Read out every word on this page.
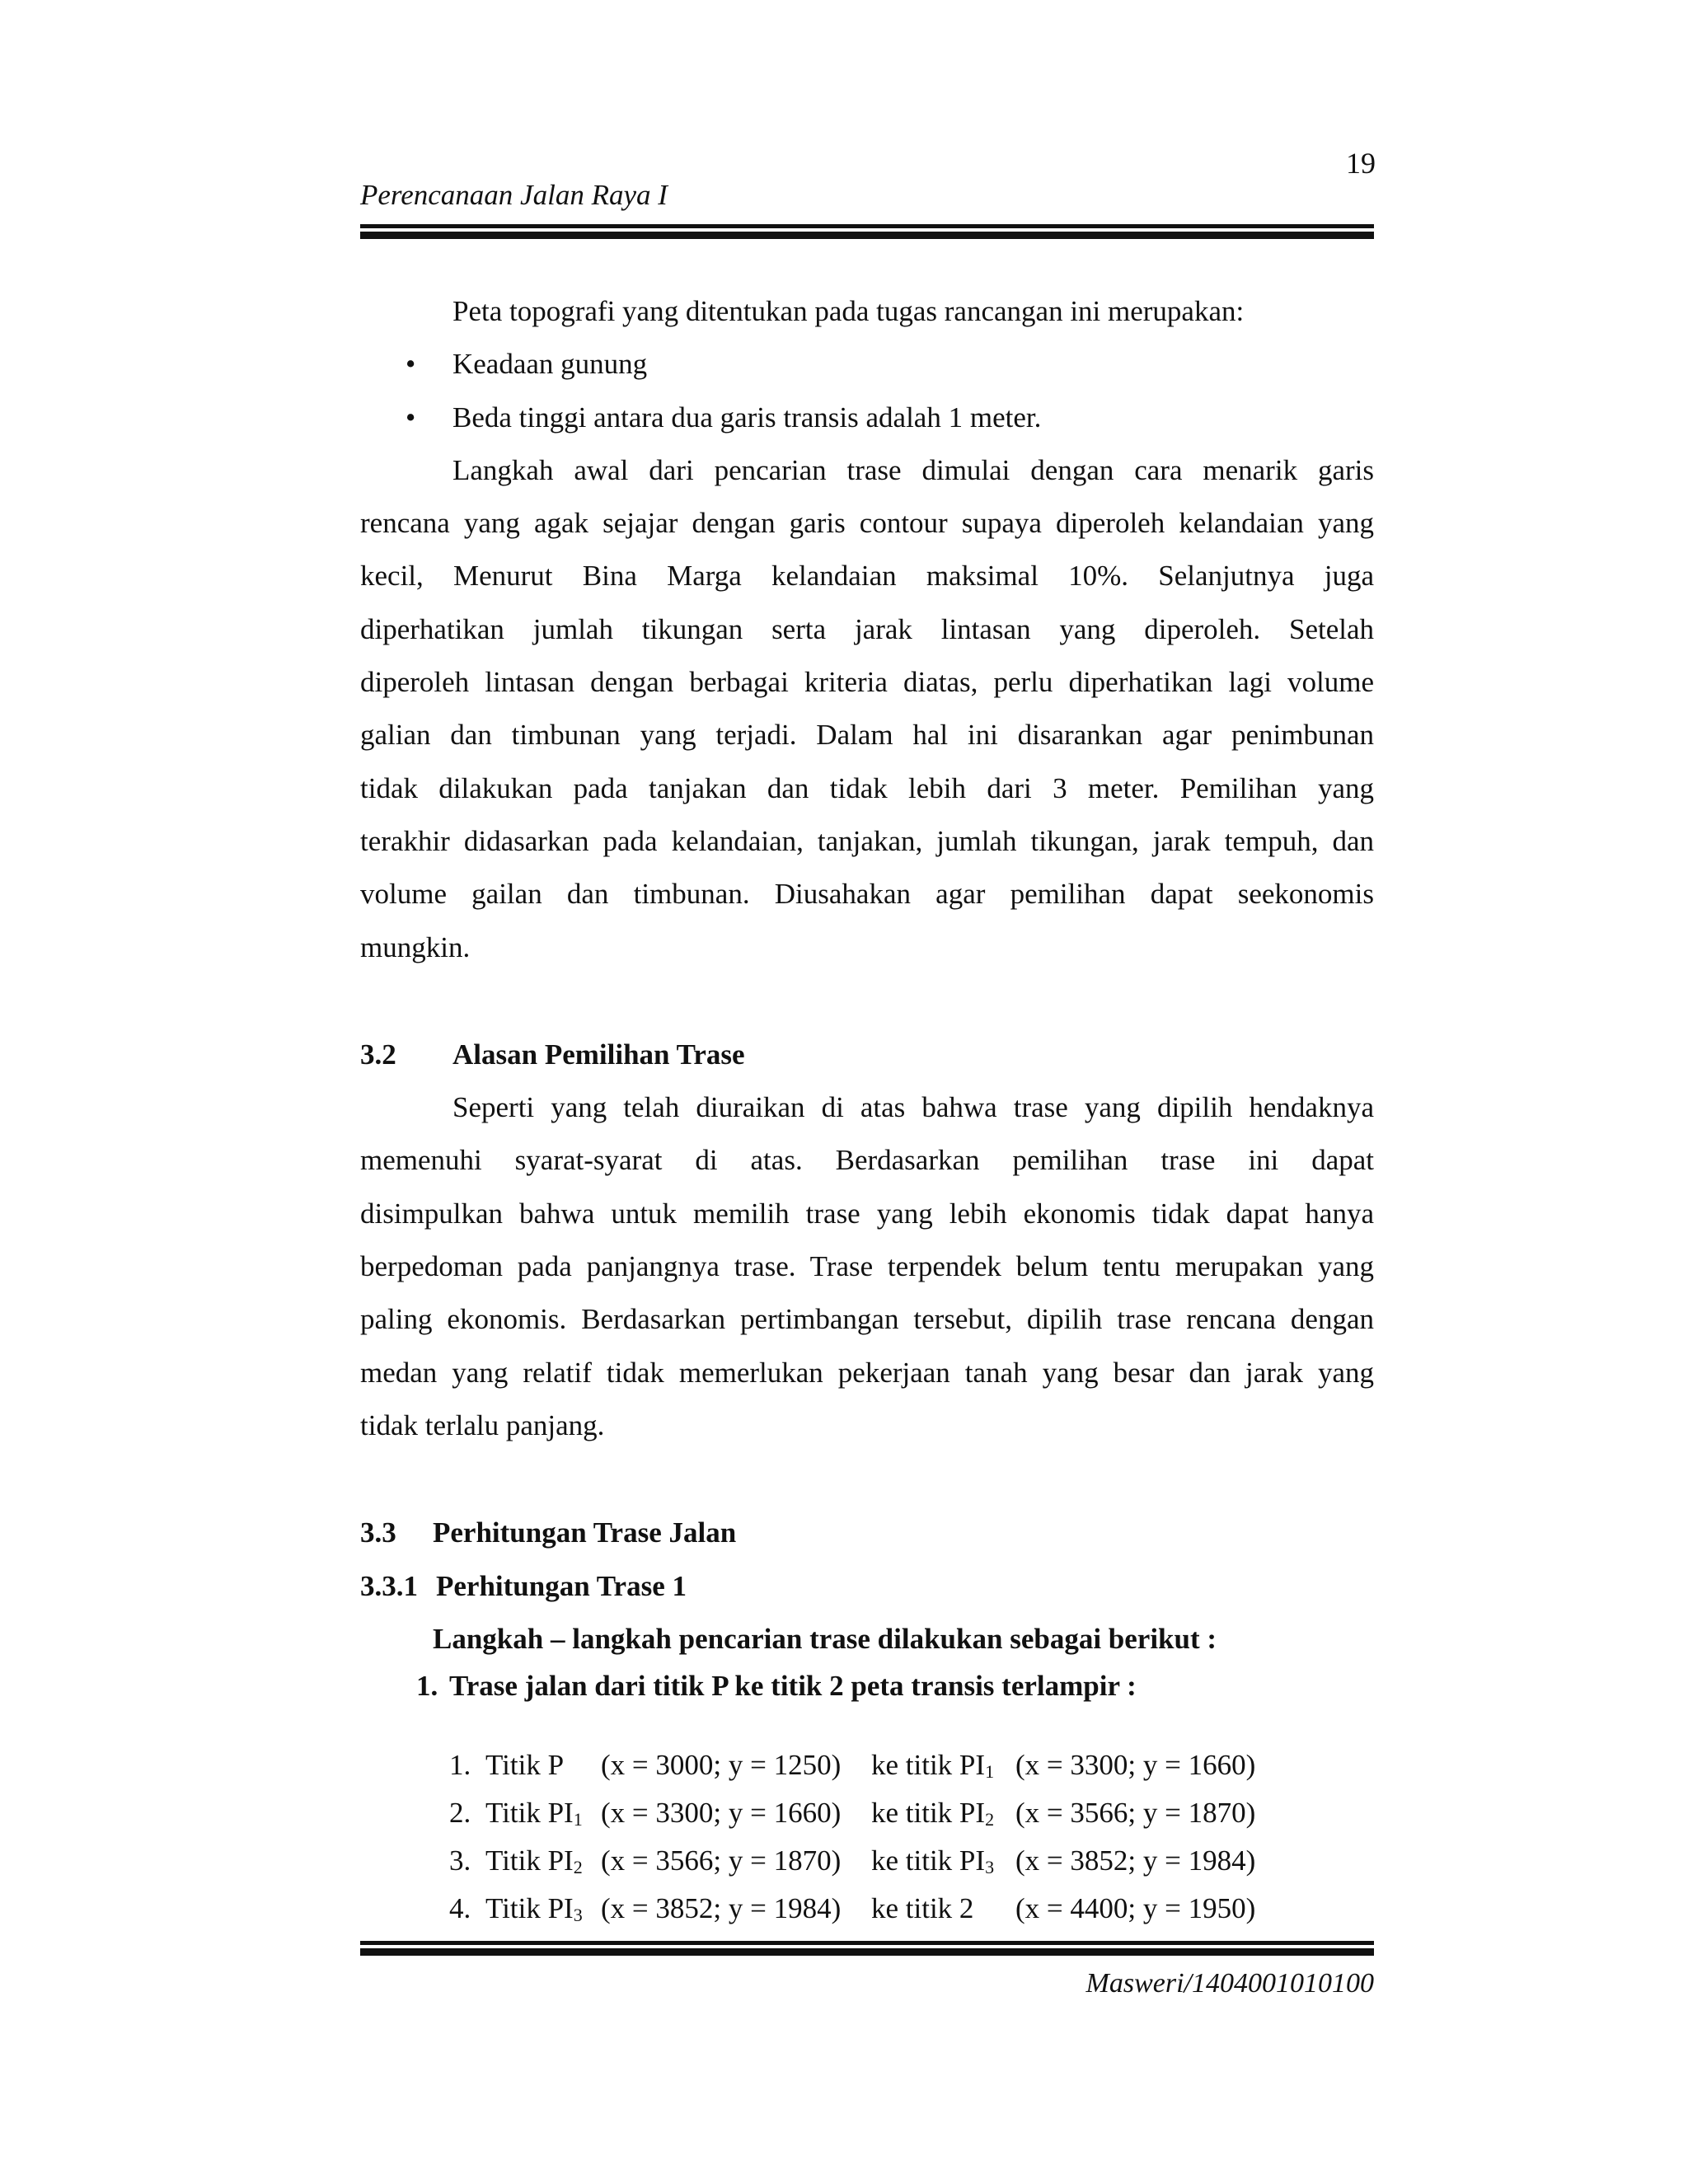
19
Perencanaan Jalan Raya I
Peta topografi yang ditentukan pada tugas rancangan ini merupakan:
• Keadaan gunung
• Beda tinggi antara dua garis transis adalah 1 meter.
Langkah awal dari pencarian trase dimulai dengan cara menarik garis
rencana yang agak sejajar dengan garis contour supaya diperoleh kelandaian yang
kecil, Menurut Bina Marga kelandaian maksimal 10%. Selanjutnya juga
diperhatikan jumlah tikungan serta jarak lintasan yang diperoleh. Setelah
diperoleh lintasan dengan berbagai kriteria diatas, perlu diperhatikan lagi volume
galian dan timbunan yang terjadi. Dalam hal ini disarankan agar penimbunan
tidak dilakukan pada tanjakan dan tidak lebih dari 3 meter. Pemilihan yang
terakhir didasarkan pada kelandaian, tanjakan, jumlah tikungan, jarak tempuh, dan
volume gailan dan timbunan. Diusahakan agar pemilihan dapat seekonomis
mungkin.
3.2 Alasan Pemilihan Trase
Seperti yang telah diuraikan di atas bahwa trase yang dipilih hendaknya
memenuhi syarat-syarat di atas. Berdasarkan pemilihan trase ini dapat
disimpulkan bahwa untuk memilih trase yang lebih ekonomis tidak dapat hanya
berpedoman pada panjangnya trase. Trase terpendek belum tentu merupakan yang
paling ekonomis. Berdasarkan pertimbangan tersebut, dipilih trase rencana dengan
medan yang relatif tidak memerlukan pekerjaan tanah yang besar dan jarak yang
tidak terlalu panjang.
3.3 Perhitungan Trase Jalan
3.3.1 Perhitungan Trase 1
Langkah – langkah pencarian trase dilakukan sebagai berikut :
1. Trase jalan dari titik P ke titik 2 peta transis terlampir :
1.	Titik P	(x = 3000; y = 1250)	ke titik $PI_1$	(x = 3300; y = 1660)
2.	Titik $PI_1$	(x = 3300; y = 1660)	ke titik $PI_2$	(x = 3566; y = 1870)
3.	Titik $PI_2$	(x = 3566; y = 1870)	ke titik $PI_3$	(x = 3852; y = 1984)
4.	Titik $PI_3$	(x = 3852; y = 1984)	ke titik 2	(x = 4400; y = 1950)
Masweri/1404001010100
